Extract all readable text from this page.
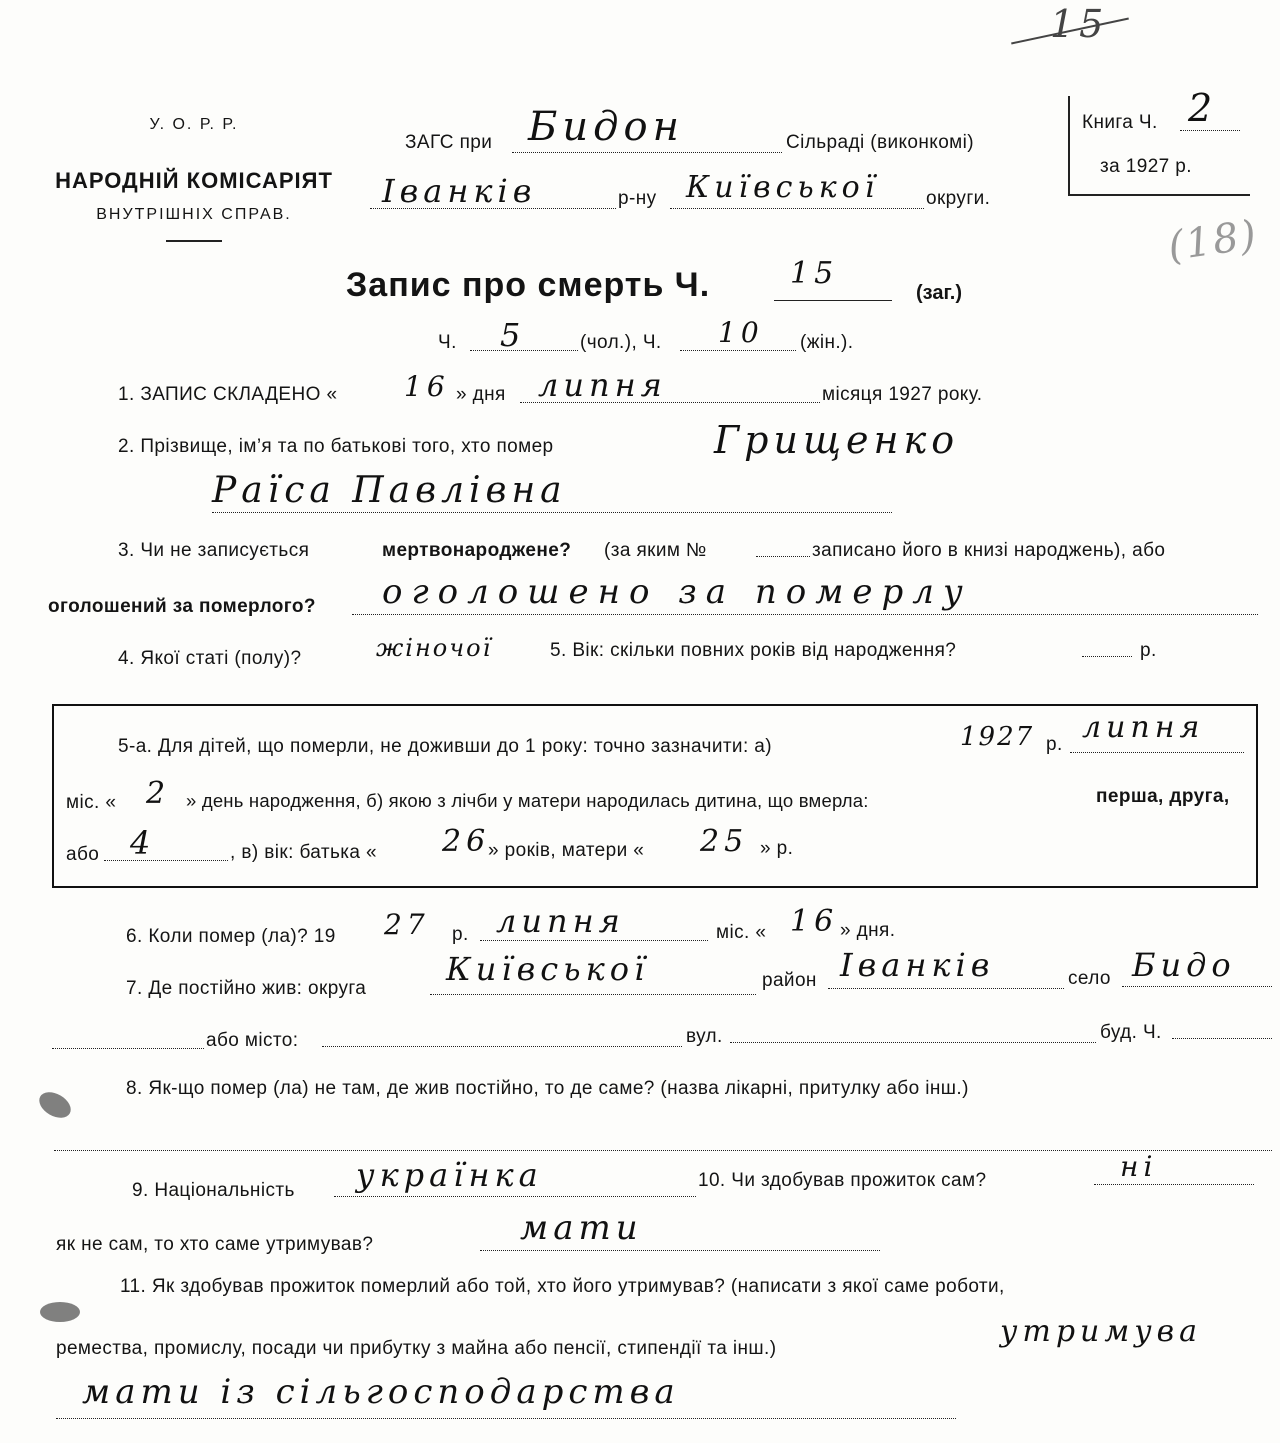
15
(18)
У. О. Р. Р.
НАРОДНІЙ КОМІСАРІЯТ
ВНУТРІШНІХ СПРАВ.
ЗАГС при Бидон	Сільраді (виконкомі)
Іванків	р-ну Київської округи.
Книга Ч. 2
за 1927 р.
Запис про смерть Ч.	15
(заг.)
Ч. 5	(чол.), Ч. 10 (жін.).
1. ЗАПИС СКЛАДЕНО « 16 » дня липня	місяця 1927 року.
2. Прізвище, ім’я та по батькові того, хто помер	Грищенко
Раїса Павлівна
3. Чи не записується	мертвонароджене? (за яким №	записано його в книзі народжень), або
оголошений за померлого? оголошено за померлу
4. Якої статі (полу)?	жіночої	5. Вік: скільки повних років від народження?	р.
5-а. Для дітей, що померли, не доживши до 1 року: точно зазначити: а)	1927 р. липня
міс. « 2 » день народження, б) якою з лічби у матери народилась дитина, що вмерла:	перша, друга,
або 4	, в) вік: батька « 26
» років, матери « 25 » р.
6. Коли помер (ла)? 19 27 р. липня	міс. « 16 » дня.
7. Де постійно жив: округа
Київської	район Іванків	село Бидо
або місто:	вул.	буд. Ч.
8. Як-що помер (ла) не там, де жив постійно, то де саме? (назва лікарні, притулку або інш.)
9. Національність українка	10. Чи здобував прожиток сам?	ні
як не сам, то хто саме утримував?	мати
11. Як здобував прожиток померлий або той, хто його утримував? (написати з якої саме роботи,
ремества, промислу, посади чи прибутку з майна або пенсії, стипендії та інш.)	утримува
мати із сільгосподарства
